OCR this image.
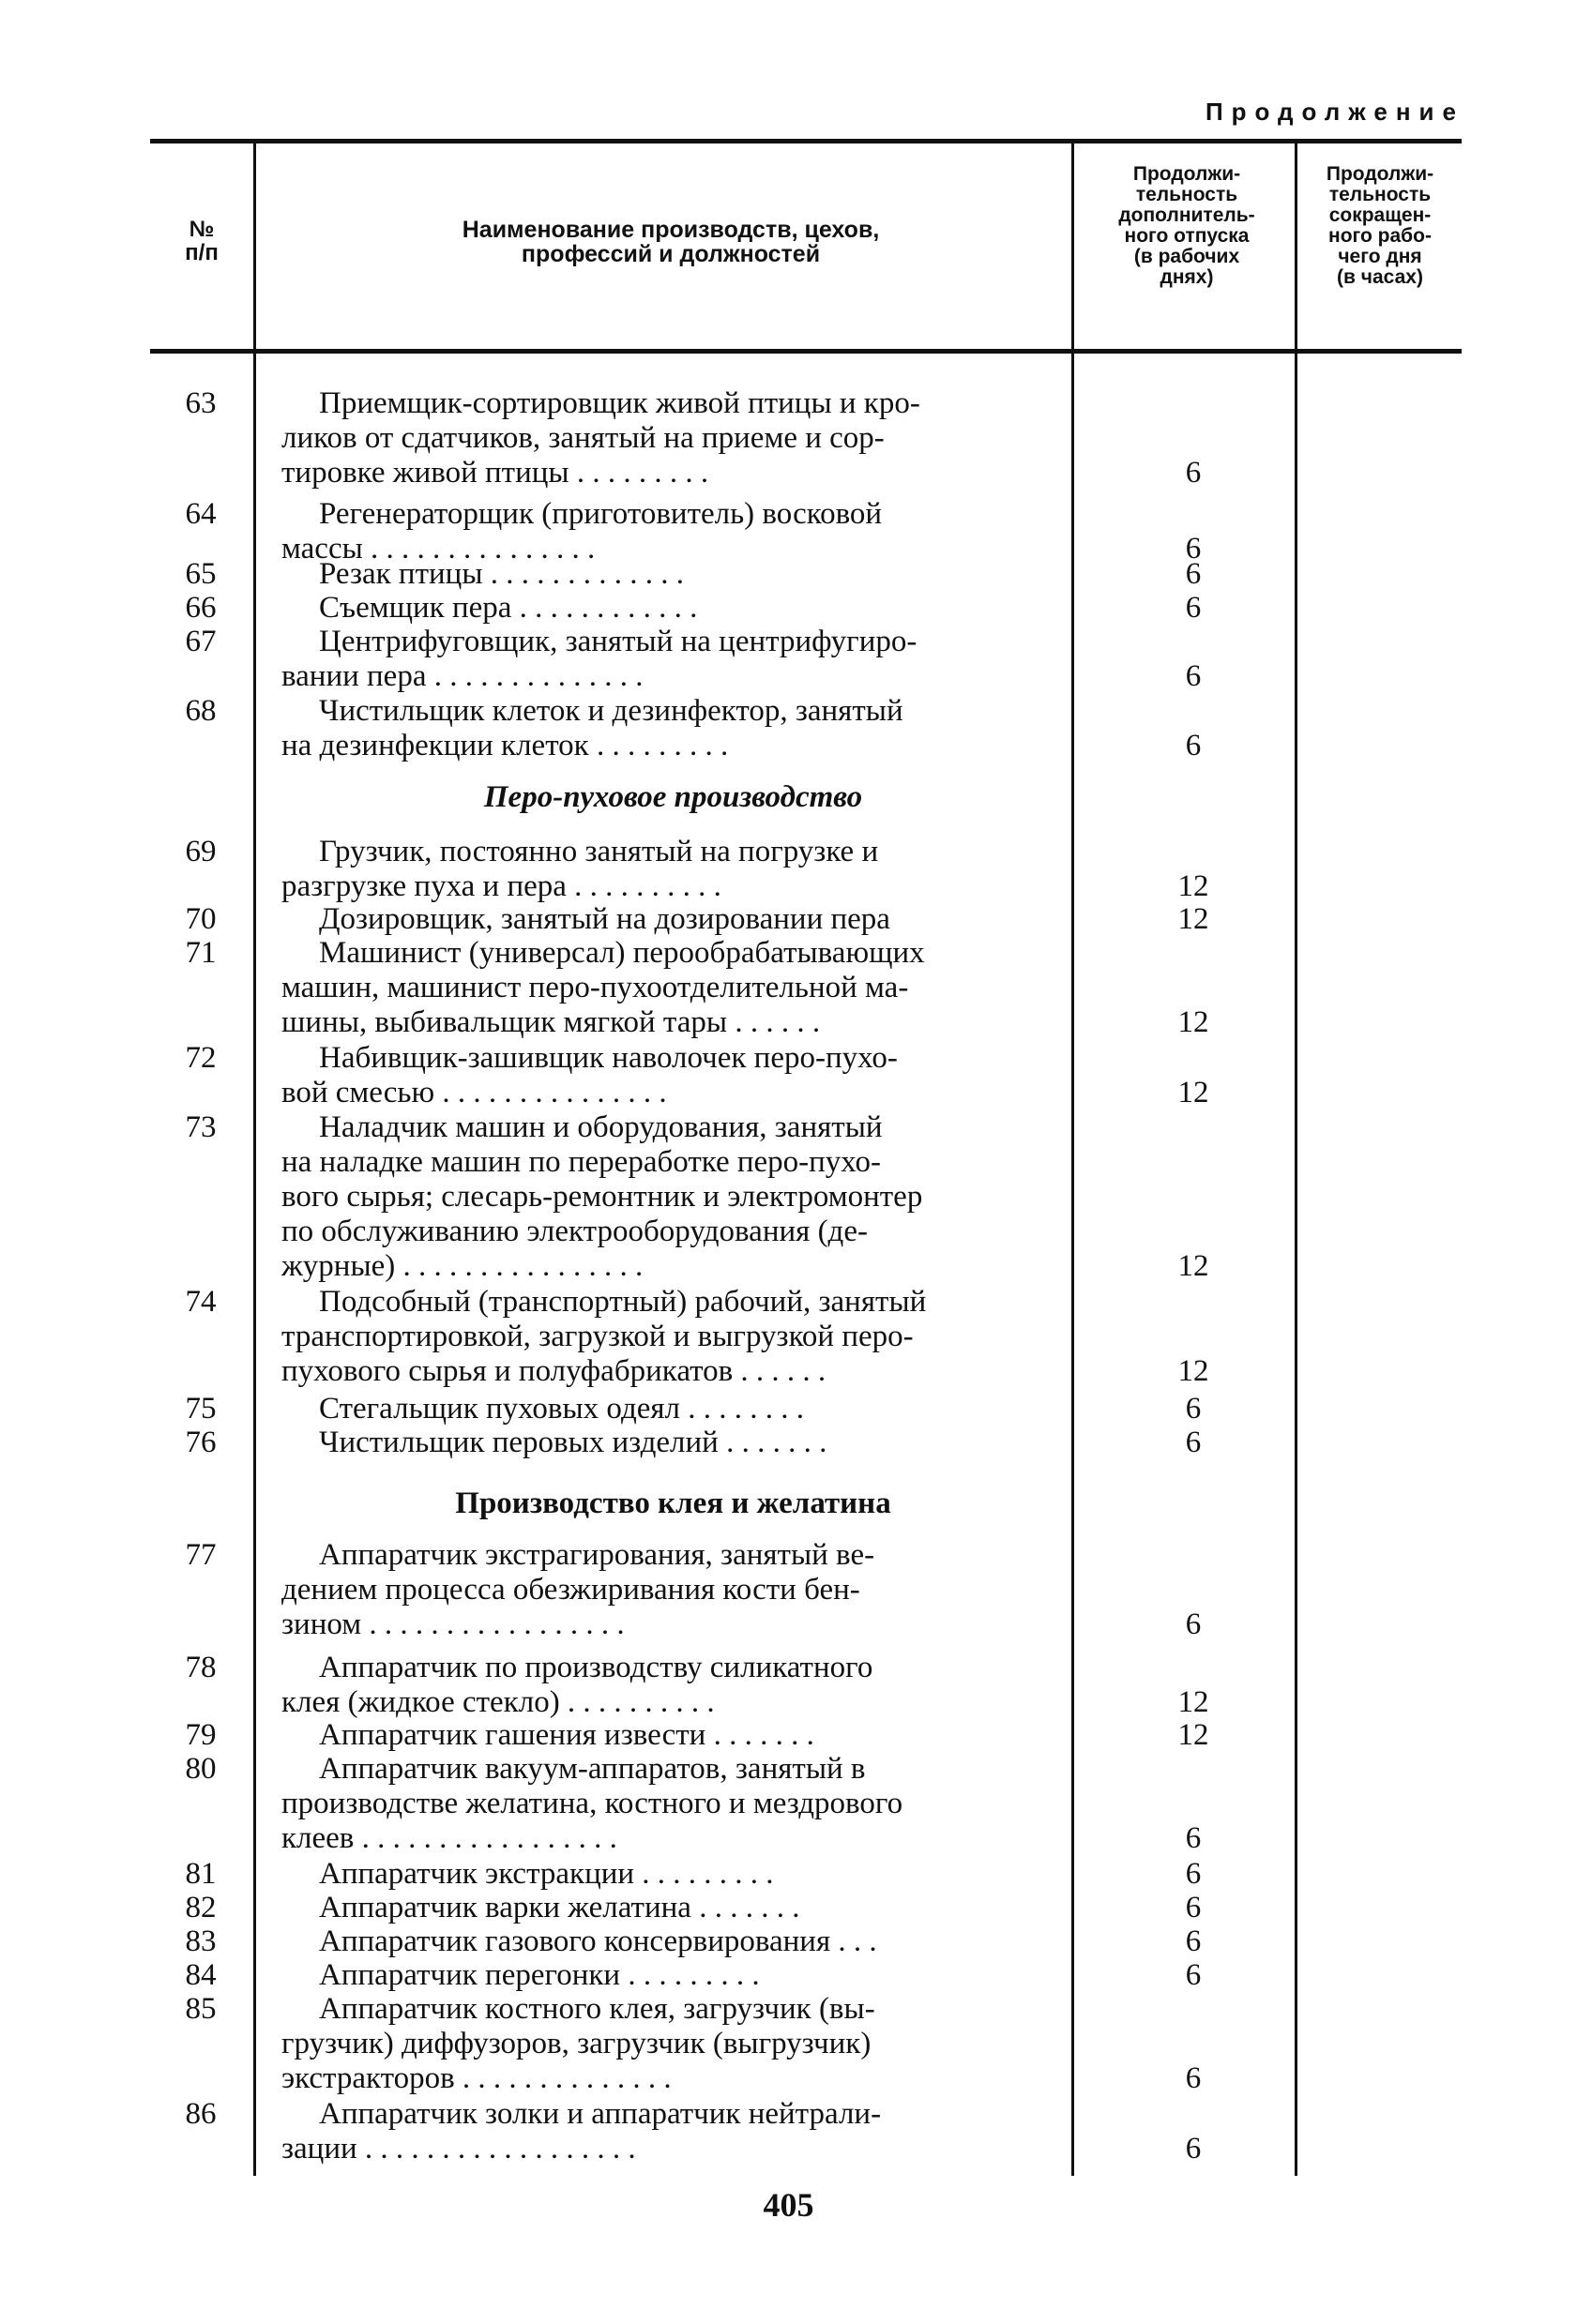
Продолжение
№
п/п
Наименование производств, цехов,
профессий и должностей
Продолжи-
тельность
дополнитель-
ного отпуска
(в рабочих
днях)
Продолжи-
тельность
сокращен-
ного рабо-
чего дня
(в часах)
Перо-пуховое производство
Производство клея и желатина
63	Приемщик-сортировщик живой птицы и кро-
ликов от сдатчиков, занятый на приеме и сор-
тировке живой птицы . . . . . . . . .	6
64	Регенераторщик (приготовитель) восковой
массы . . . . . . . . . . . . . . .	6
65	Резак птицы . . . . . . . . . . . . .	6
66	Съемщик пера . . . . . . . . . . . .	6
67	Центрифуговщик, занятый на центрифугиро-
вании пера . . . . . . . . . . . . . .	6
68	Чистильщик клеток и дезинфектор, занятый
на дезинфекции клеток . . . . . . . . .	6
69	Грузчик, постоянно занятый на погрузке и
разгрузке пуха и пера . . . . . . . . . .	12
70	Дозировщик, занятый на дозировании пера	12
71	Машинист (универсал) перообрабатывающих
машин, машинист перо-пухоотделительной ма-
шины, выбивальщик мягкой тары . . . . . .	12
72	Набивщик-зашивщик наволочек перо-пухо-
вой смесью . . . . . . . . . . . . . . .	12
73	Наладчик машин и оборудования, занятый
на наладке машин по переработке перо-пухо-
вого сырья; слесарь-ремонтник и электромонтер
по обслуживанию электрооборудования (де-
журные) . . . . . . . . . . . . . . . .	12
74	Подсобный (транспортный) рабочий, занятый
транспортировкой, загрузкой и выгрузкой перо-
пухового сырья и полуфабрикатов . . . . . .	12
75	Стегальщик пуховых одеял . . . . . . . .	6
76	Чистильщик перовых изделий . . . . . . .	6
77	Аппаратчик экстрагирования, занятый ве-
дением процесса обезжиривания кости бен-
зином . . . . . . . . . . . . . . . . .	6
78	Аппаратчик по производству силикатного
клея (жидкое стекло) . . . . . . . . . .	12
79	Аппаратчик гашения извести . . . . . . .	12
80	Аппаратчик вакуум-аппаратов, занятый в
производстве желатина, костного и мездрового
клеев . . . . . . . . . . . . . . . . .	6
81	Аппаратчик экстракции . . . . . . . . .	6
82	Аппаратчик варки желатина . . . . . . .	6
83	Аппаратчик газового консервирования . . .	6
84	Аппаратчик перегонки . . . . . . . . .	6
85	Аппаратчик костного клея, загрузчик (вы-
грузчик) диффузоров, загрузчик (выгрузчик)
экстракторов . . . . . . . . . . . . . .	6
86	Аппаратчик золки и аппаратчик нейтрали-
зации . . . . . . . . . . . . . . . . . .	6
405
